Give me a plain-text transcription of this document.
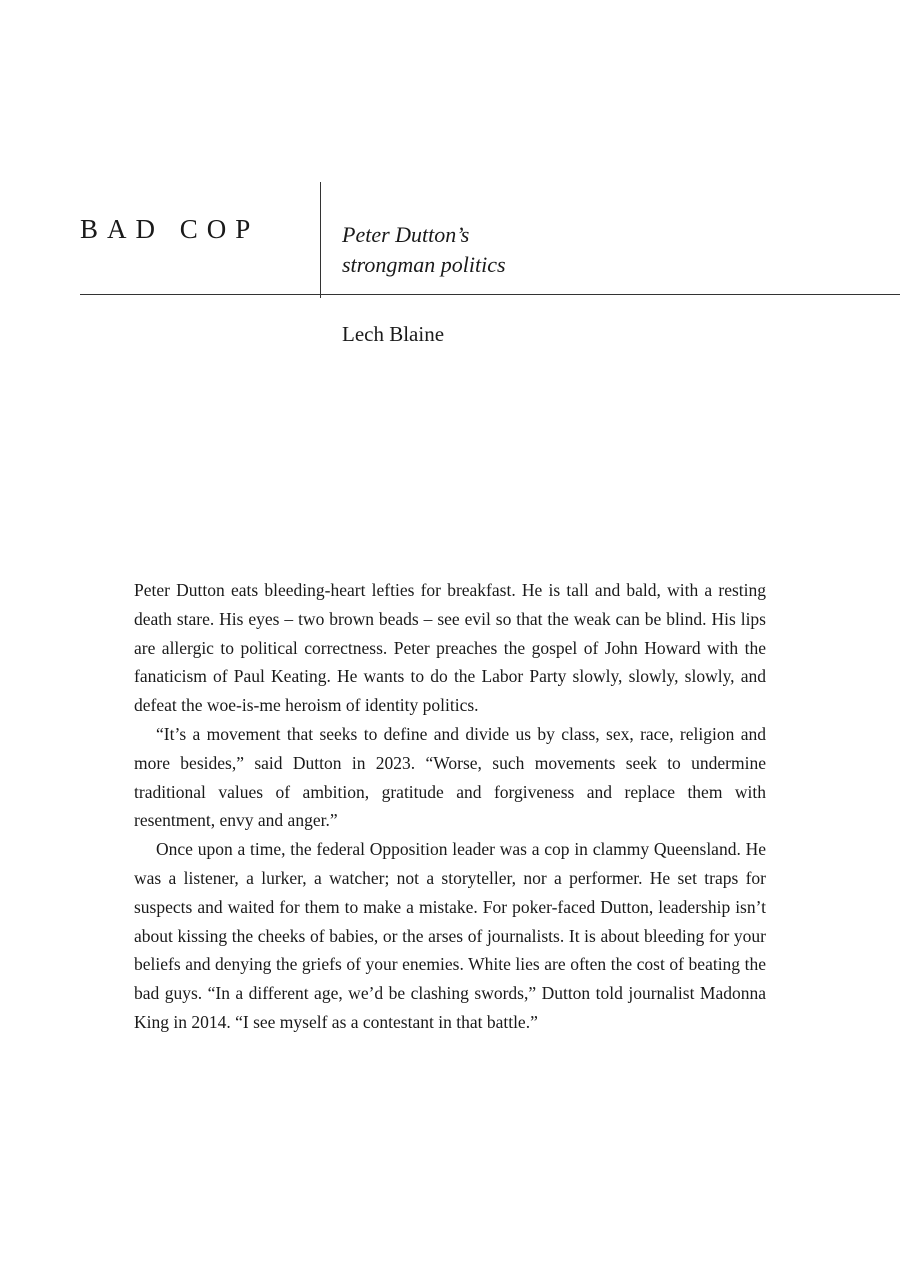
BAD COP	Peter Dutton’s
strongman politics

Lech Blaine

Peter Dutton eats bleeding-heart lefties for breakfast. He is tall and bald, with a resting death stare. His eyes – two brown beads – see evil so that the weak can be blind. His lips are allergic to political correctness. Peter preaches the gospel of John Howard with the fanaticism of Paul Keating. He wants to do the Labor Party slowly, slowly, slowly, and defeat the woe-is-me heroism of identity politics.

“It’s a movement that seeks to define and divide us by class, sex, race, religion and more besides,” said Dutton in 2023. “Worse, such movements seek to undermine traditional values of ambition, gratitude and forgiveness and replace them with resentment, envy and anger.”

Once upon a time, the federal Opposition leader was a cop in clammy Queensland. He was a listener, a lurker, a watcher; not a storyteller, nor a performer. He set traps for suspects and waited for them to make a mistake. For poker-faced Dutton, leadership isn’t about kissing the cheeks of babies, or the arses of journalists. It is about bleeding for your beliefs and denying the griefs of your enemies. White lies are often the cost of beating the bad guys. “In a different age, we’d be clashing swords,” Dutton told journalist Madonna King in 2014. “I see myself as a contestant in that battle.”
